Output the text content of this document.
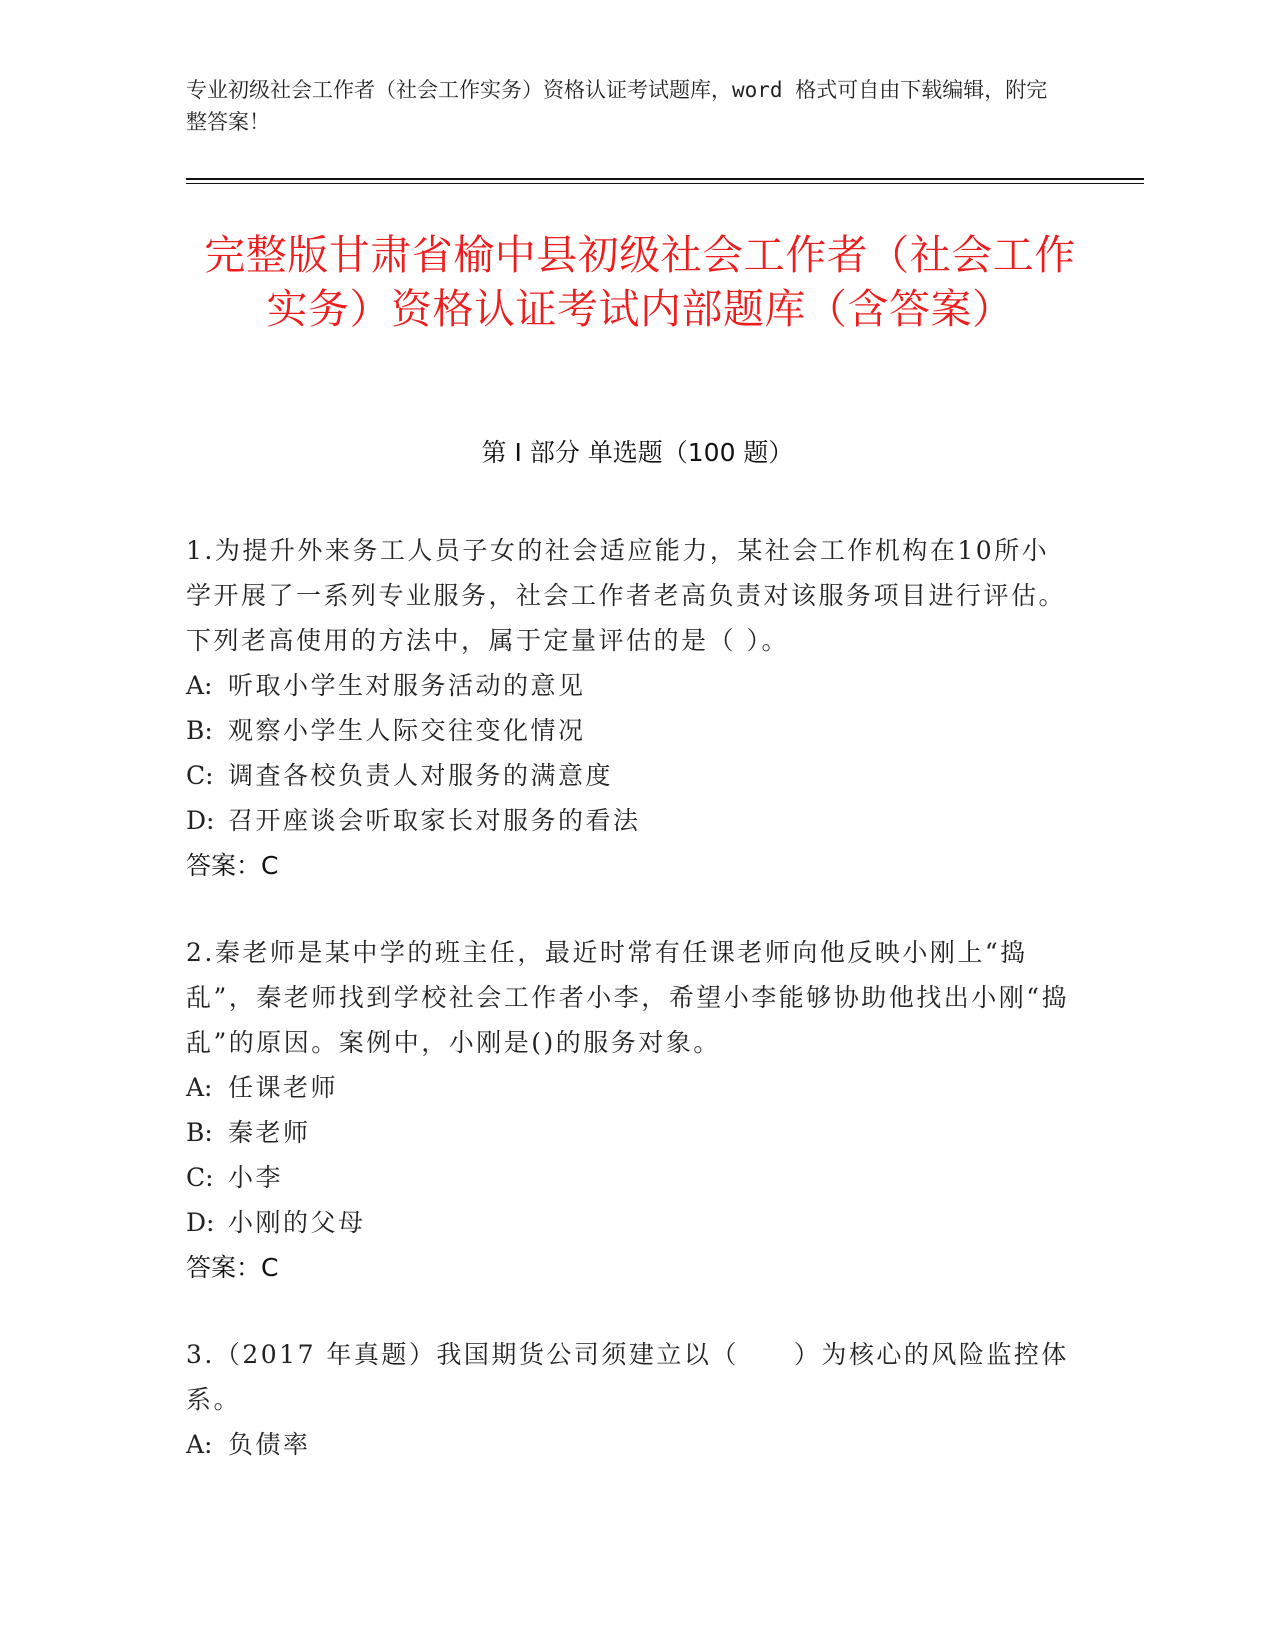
专业初级社会工作者（社会工作实务）资格认证考试题库，word 格式可自由下载编辑，附完整答案！
完整版甘肃省榆中县初级社会工作者（社会工作实务）资格认证考试内部题库（含答案）
第 I 部分 单选题（100 题）
1.为提升外来务工人员子女的社会适应能力，某社会工作机构在10所小学开展了一系列专业服务，社会工作者老高负责对该服务项目进行评估。下列老高使用的方法中，属于定量评估的是（ ）。
A: 听取小学生对服务活动的意见
B: 观察小学生人际交往变化情况
C: 调査各校负责人对服务的满意度
D: 召开座谈会听取家长对服务的看法
答案：C
2.秦老师是某中学的班主任，最近时常有任课老师向他反映小刚上“捣乱”，秦老师找到学校社会工作者小李，希望小李能够协助他找出小刚“捣乱”的原因。案例中，小刚是()的服务对象。
A: 任课老师
B: 秦老师
C: 小李
D: 小刚的父母
答案：C
3.（2017 年真题）我国期货公司须建立以（　　）为核心的风险监控体系。
A: 负债率
